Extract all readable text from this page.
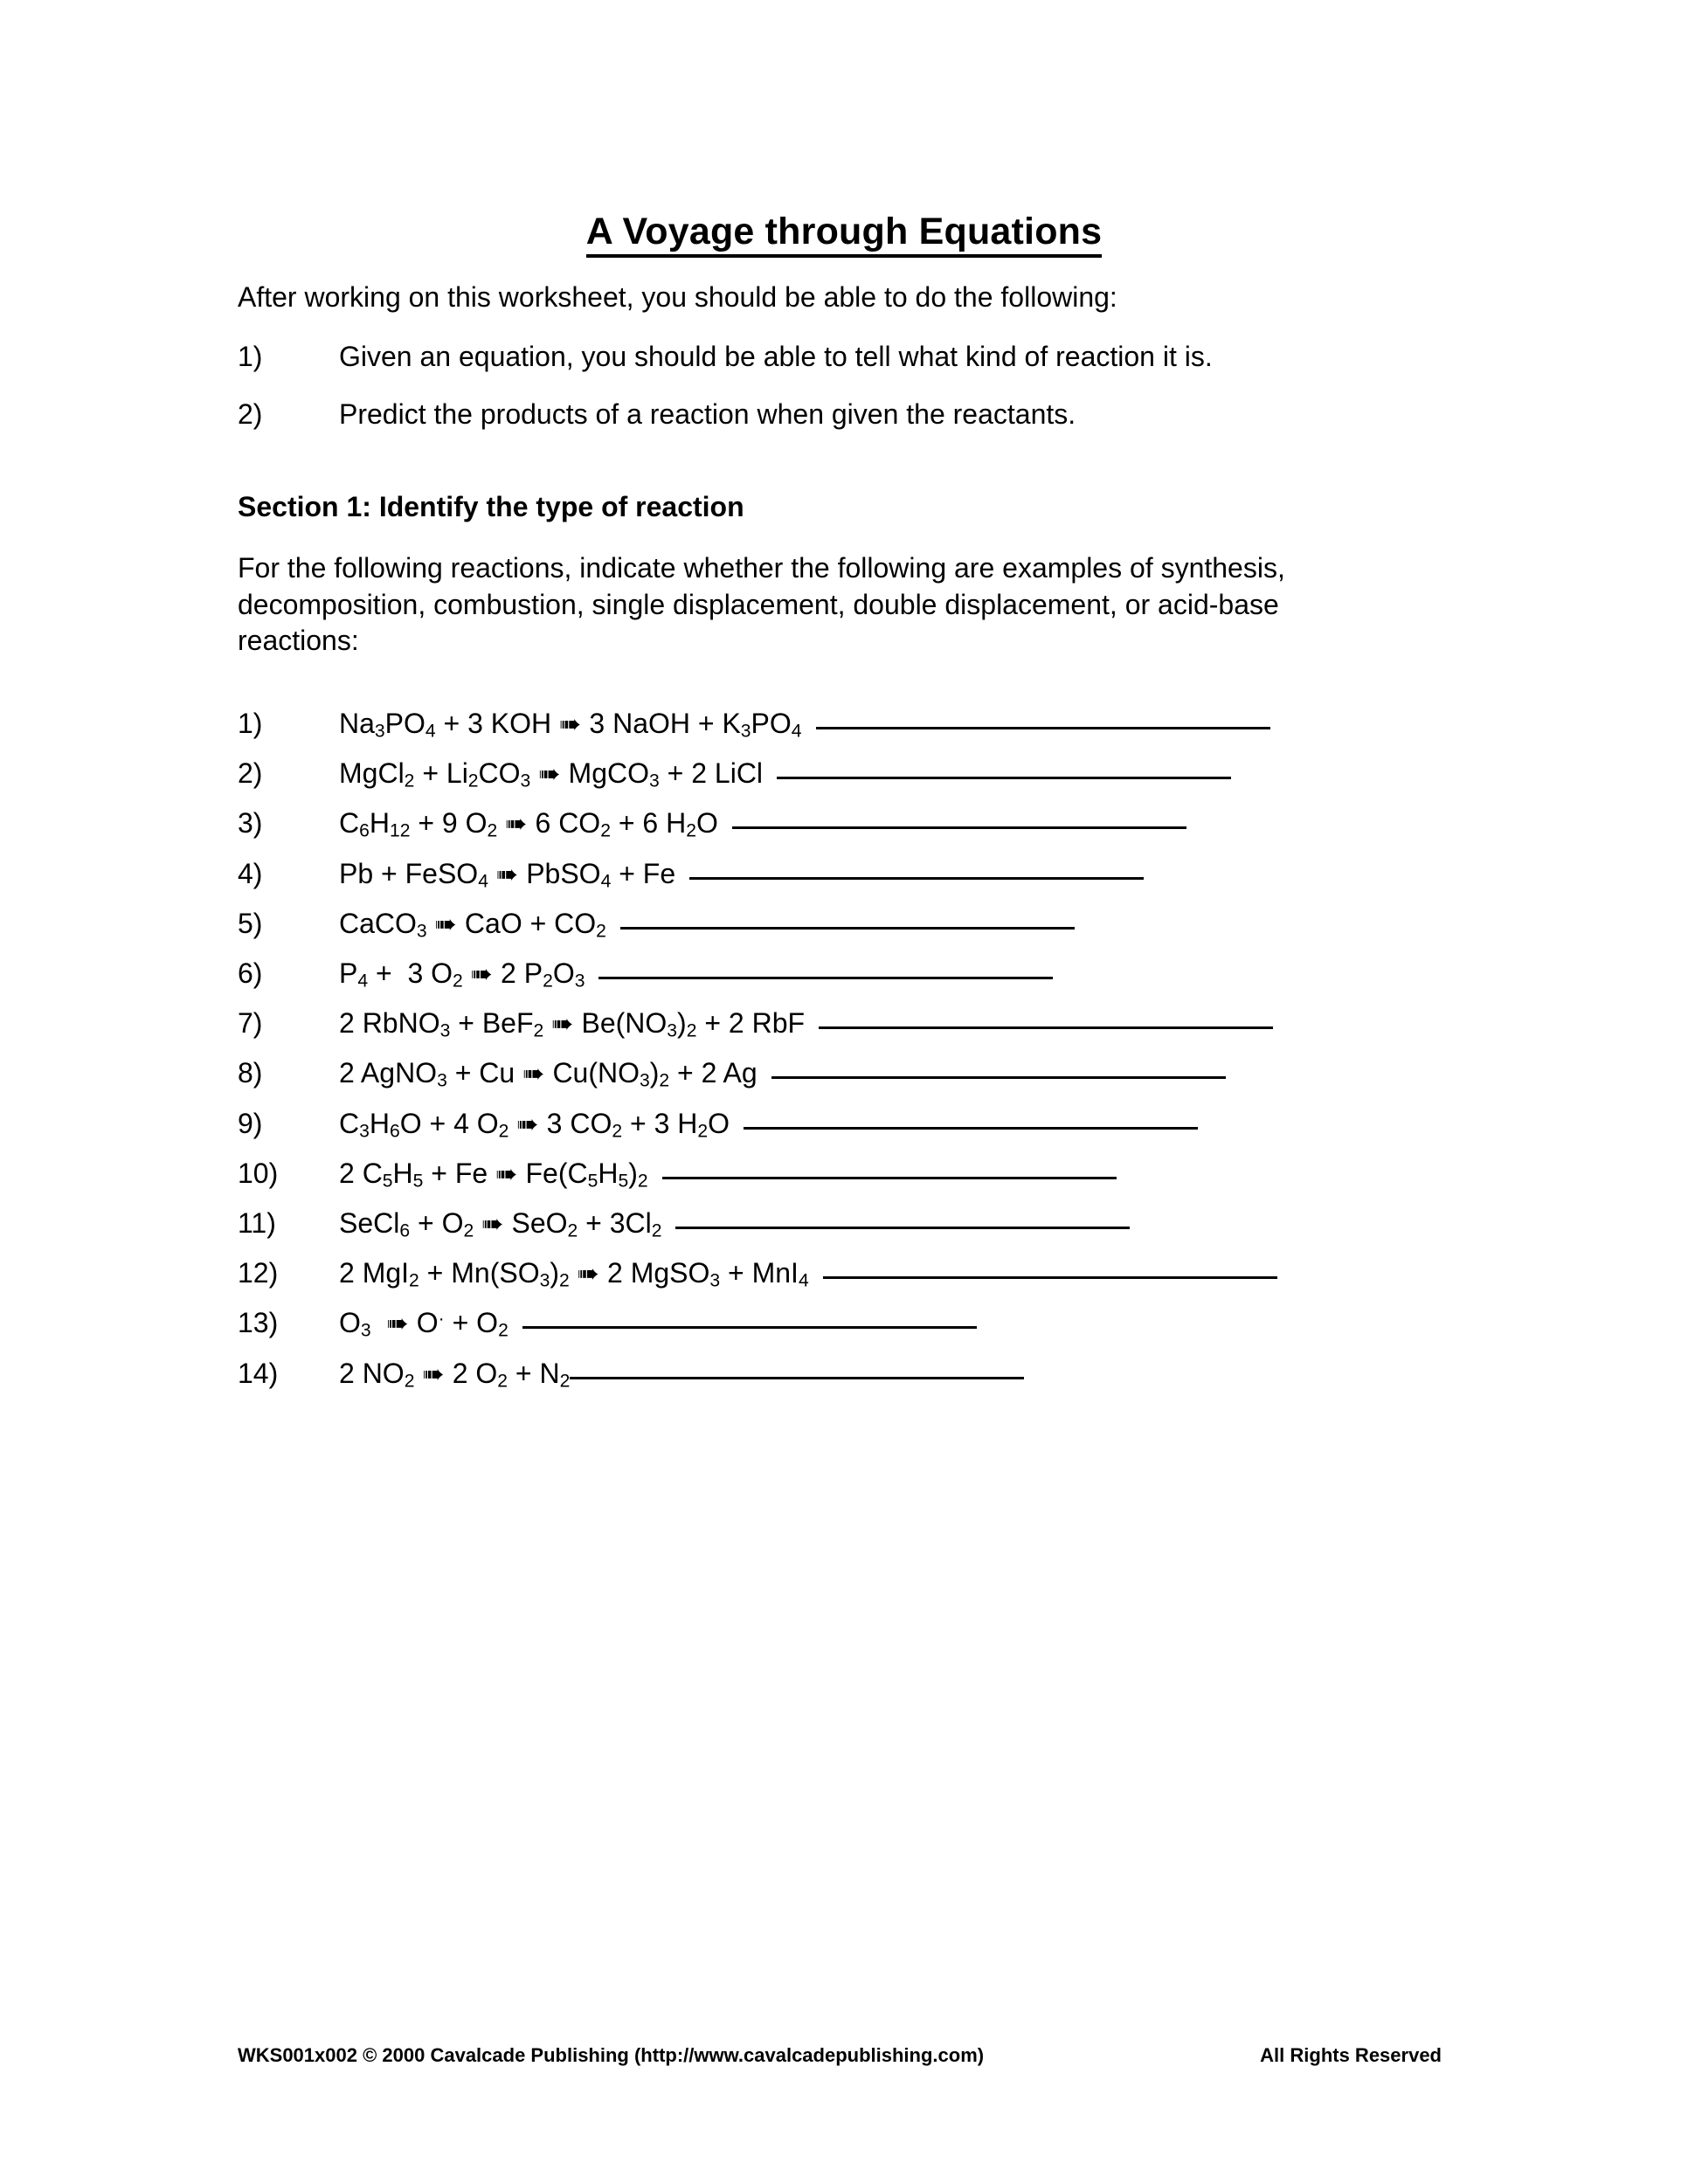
A Voyage through Equations
After working on this worksheet, you should be able to do the following:
1)	Given an equation, you should be able to tell what kind of reaction it is.
2)	Predict the products of a reaction when given the reactants.
Section 1: Identify the type of reaction
For the following reactions, indicate whether the following are examples of synthesis, decomposition, combustion, single displacement, double displacement, or acid-base reactions:
1)	$Na_3PO_4 + 3$ KOH ➠ 3 NaOH + $K_3PO_4$
2)	MgCl$_2$ + $Li_2CO_3$ ➠ MgCO$_3$ + 2 LiCl
3)	$C_6H_{12} + 9$ $O_2$ ➠ 6 $CO_2 + 6$ $H_2O$
4)	Pb + FeSO$_4$ ➠ PbSO$_4$ + Fe
5)	CaCO$_3$ ➠ CaO + $CO_2$
6)	$P_4 + 3$ $O_2$ ➠ 2 $P_2O_3$
7)	2 RbNO$_3$ + BeF$_2$ ➠ $Be(NO_3)_2 + 2$ RbF
8)	2 AgNO$_3$ + Cu ➠ $Cu(NO_3)_2 + 2$ Ag
9)	$C_3H_6O + 4$ $O_2$ ➠ 3 $CO_2 + 3$ $H_2O$
10)	2 $C_5H_5 + Fe$ ➠ $Fe(C_5H_5)_2$
11)	SeCl$_6$ + $O_2$ ➠ $SeO_2 + 3Cl_2$
12)	2 $MgI_2 + Mn(SO_3)_2$ ➠ 2 MgSO$_3$ + MnI$_4$
13)	$O_3$ ➠ $O^\cdot + O_2$
14)	2 $NO_2$ ➠ 2 $O_2 + N_2$
WKS001x002 © 2000 Cavalcade Publishing (http://www.cavalcadepublishing.com)	All Rights Reserved
